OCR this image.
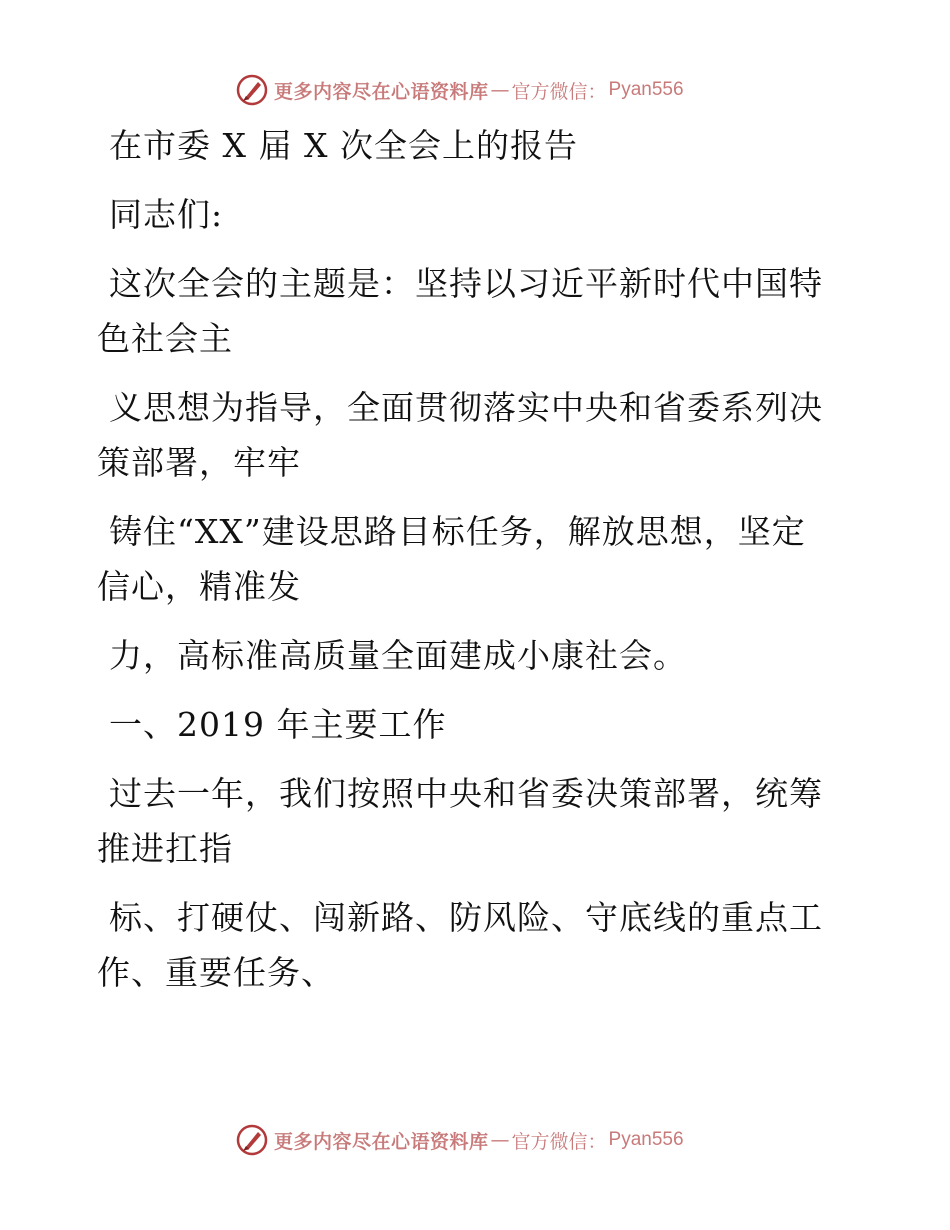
更多内容尽在心语资料库 — 官方微信： Pyan556

在市委 X 届 X 次全会上的报告

同志们:

这次全会的主题是：坚持以习近平新时代中国特

色社会主

义思想为指导，全面贯彻落实中央和省委系列决

策部署，牢牢

铸住“XX”建设思路目标任务，解放思想，坚定

信心，精准发

力，高标准高质量全面建成小康社会。

一、2019 年主要工作

过去一年，我们按照中央和省委决策部署，统筹

推进扛指

标、打硬仗、闯新路、防风险、守底线的重点工

作、重要任务、

更多内容尽在心语资料库 — 官方微信： Pyan556
